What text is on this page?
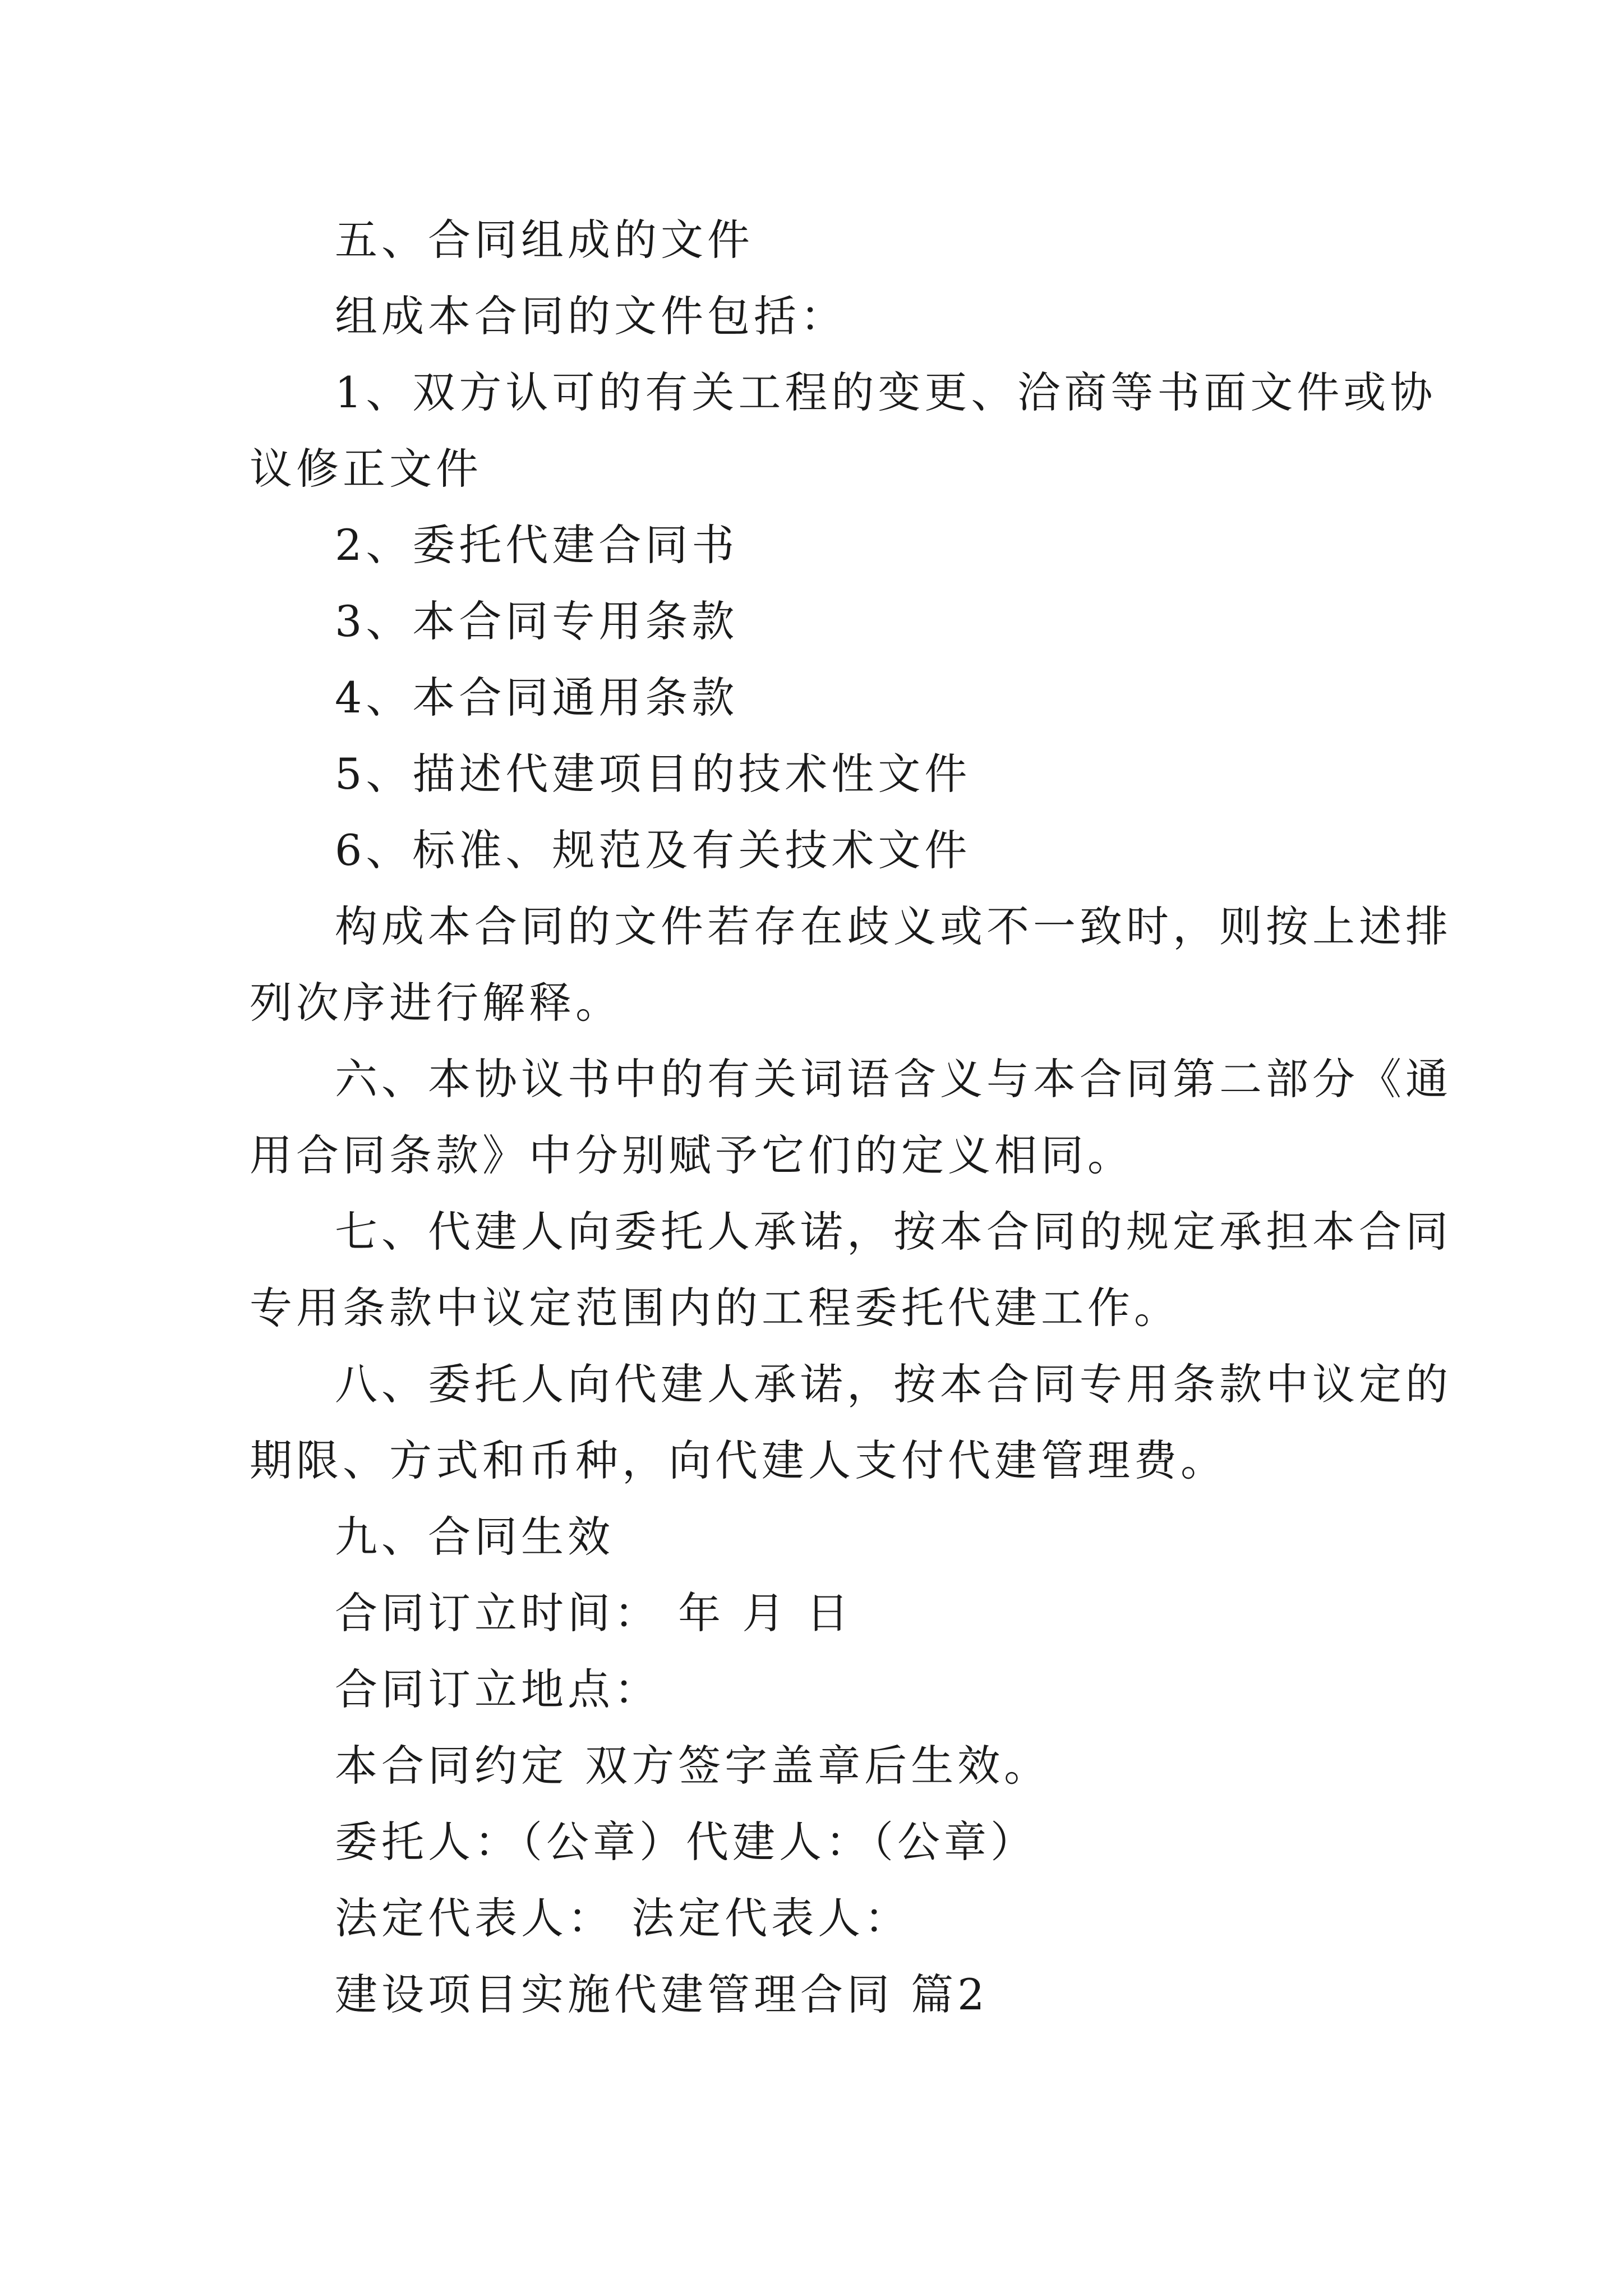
五、合同组成的文件
组成本合同的文件包括：
1、双方认可的有关工程的变更、洽商等书面文件或协
议修正文件
2、委托代建合同书
3、本合同专用条款
4、本合同通用条款
5、描述代建项目的技术性文件
6、标准、规范及有关技术文件
构成本合同的文件若存在歧义或不一致时，则按上述排
列次序进行解释。
六、本协议书中的有关词语含义与本合同第二部分《通
用合同条款》中分别赋予它们的定义相同。
七、代建人向委托人承诺，按本合同的规定承担本合同
专用条款中议定范围内的工程委托代建工作。
八、委托人向代建人承诺，按本合同专用条款中议定的
期限、方式和币种，向代建人支付代建管理费。
九、合同生效
合同订立时间： 年 月 日
合同订立地点：
本合同约定 双方签字盖章后生效。
委托人：（公章）代建人：（公章）
法定代表人： 法定代表人：
建设项目实施代建管理合同 篇2
